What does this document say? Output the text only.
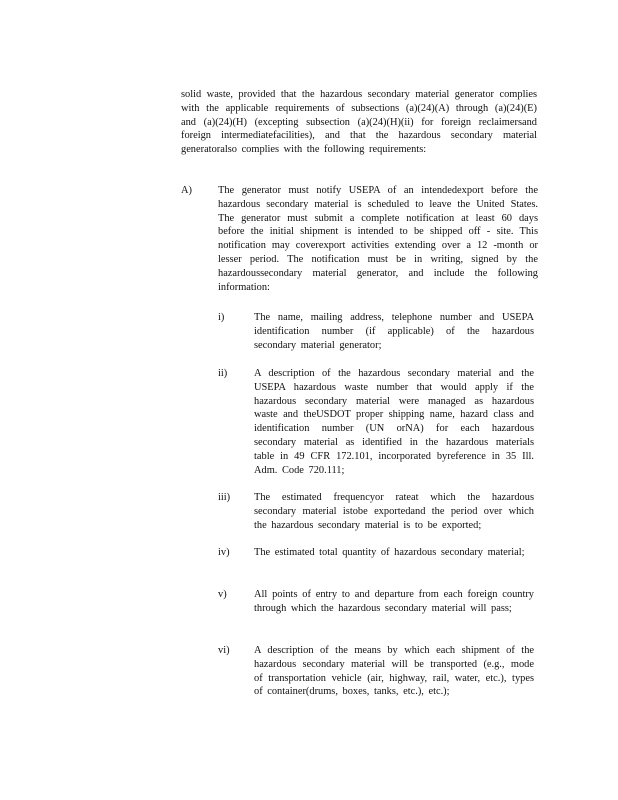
solid waste, provided that the hazardous secondary material generator complies with the applicable requirements of subsections (a)(24)(A) through (a)(24)(E) and (a)(24)(H) (excepting subsection (a)(24)(H)(ii) for foreign reclaimersand foreign intermediatefacilities), and that the hazardous secondary material generatoralso complies with the following requirements:
A)	The generator must notify USEPA of an intendedexport before the hazardous secondary material is scheduled to leave the United States. The generator must submit a complete notification at least 60 days before the initial shipment is intended to be shipped off - site. This notification may coverexport activities extending over a 12 -month or lesser period. The notification must be in writing, signed by the hazardoussecondary material generator, and include the following information:
i)	The name, mailing address, telephone number and USEPA identification number (if applicable) of the hazardous secondary material generator;
ii)	A description of the hazardous secondary material and the USEPA hazardous waste number that would apply if the hazardous secondary material were managed as hazardous waste and theUSDOT proper shipping name, hazard class and identification number (UN orNA) for each hazardous secondary material as identified in the hazardous materials table in 49 CFR 172.101, incorporated byreference in 35 Ill. Adm. Code 720.111;
iii) The estimated frequencyor rateat which the hazardous secondary material istobe exportedand the period over which the hazardous secondary material is to be exported;
iv) The estimated total quantity of hazardous secondary material;
v)	All points of entry to and departure from each foreign country through which the hazardous secondary material will pass;
vi) A description of the means by which each shipment of the hazardous secondary material will be transported (e.g., mode of transportation vehicle (air, highway, rail, water, etc.), types of container(drums, boxes, tanks, etc.), etc.);
